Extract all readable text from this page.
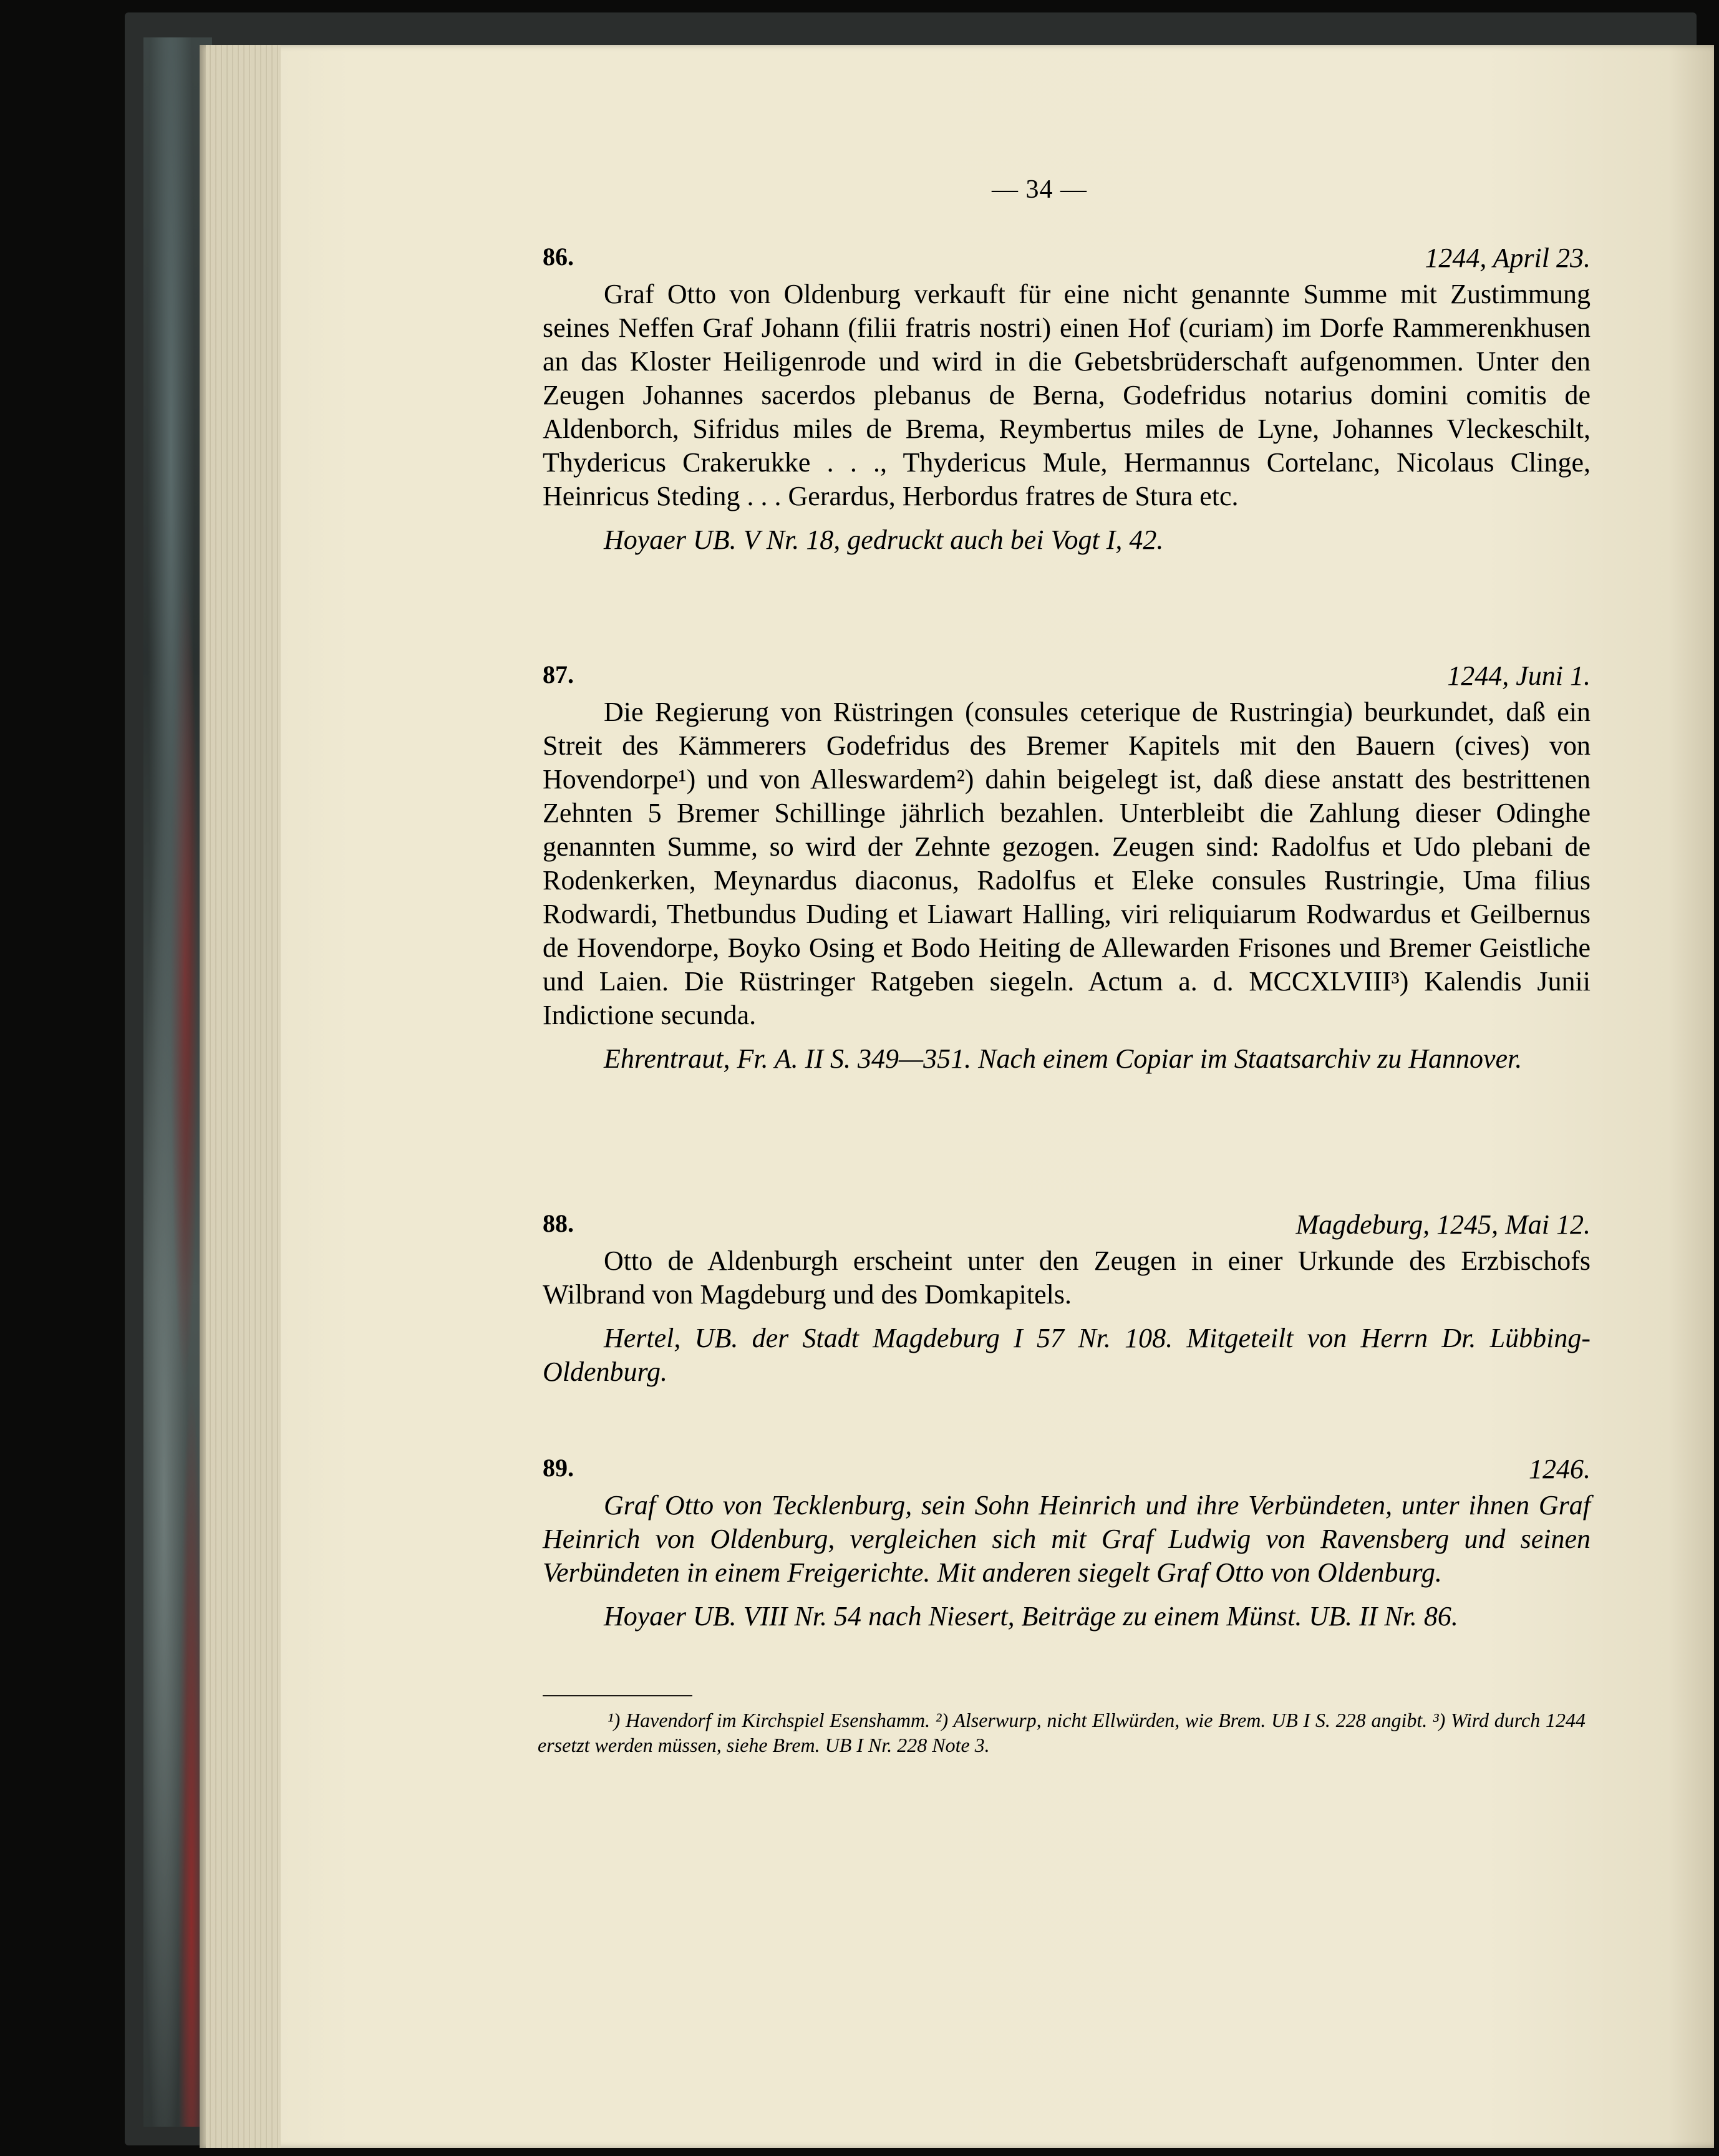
— 34 —
86.	1244, April 23.
Graf Otto von Oldenburg verkauft für eine nicht genannte Summe mit Zustimmung seines Neffen Graf Johann (filii fratris nostri) einen Hof (curiam) im Dorfe Rammerenkhusen an das Kloster Heiligenrode und wird in die Gebetsbrüderschaft aufgenommen. Unter den Zeugen Johannes sacerdos plebanus de Berna, Godefridus notarius domini comitis de Aldenborch, Sifridus miles de Brema, Reymbertus miles de Lyne, Johannes Vleckeschilt, Thydericus Crakerukke . . ., Thydericus Mule, Hermannus Cortelanc, Nicolaus Clinge, Heinricus Steding . . . Gerardus, Herbordus fratres de Stura etc.
Hoyaer UB. V Nr. 18, gedruckt auch bei Vogt I, 42.
87.	1244, Juni 1.
Die Regierung von Rüstringen (consules ceterique de Rustringia) beurkundet, daß ein Streit des Kämmerers Godefridus des Bremer Kapitels mit den Bauern (cives) von Hovendorpe¹) und von Alleswardem²) dahin beigelegt ist, daß diese anstatt des bestrittenen Zehnten 5 Bremer Schillinge jährlich bezahlen. Unterbleibt die Zahlung dieser Odinghe genannten Summe, so wird der Zehnte gezogen. Zeugen sind: Radolfus et Udo plebani de Rodenkerken, Meynardus diaconus, Radolfus et Eleke consules Rustringie, Uma filius Rodwardi, Thetbundus Duding et Liawart Halling, viri reliquiarum Rodwardus et Geilbernus de Hovendorpe, Boyko Osing et Bodo Heiting de Allewarden Frisones und Bremer Geistliche und Laien. Die Rüstringer Ratgeben siegeln. Actum a. d. MCCXLVIII³) Kalendis Junii Indictione secunda.
Ehrentraut, Fr. A. II S. 349—351. Nach einem Copiar im Staatsarchiv zu Hannover.
88.	Magdeburg, 1245, Mai 12.
Otto de Aldenburgh erscheint unter den Zeugen in einer Urkunde des Erzbischofs Wilbrand von Magdeburg und des Domkapitels.
Hertel, UB. der Stadt Magdeburg I 57 Nr. 108. Mitgeteilt von Herrn Dr. Lübbing-Oldenburg.
89.	1246.
Graf Otto von Tecklenburg, sein Sohn Heinrich und ihre Verbündeten, unter ihnen Graf Heinrich von Oldenburg, vergleichen sich mit Graf Ludwig von Ravensberg und seinen Verbündeten in einem Freigerichte. Mit anderen siegelt Graf Otto von Oldenburg.
Hoyaer UB. VIII Nr. 54 nach Niesert, Beiträge zu einem Münst. UB. II Nr. 86.
¹) Havendorf im Kirchspiel Esenshamm. ²) Alserwurp, nicht Ellwürden, wie Brem. UB I S. 228 angibt. ³) Wird durch 1244 ersetzt werden müssen, siehe Brem. UB I Nr. 228 Note 3.
